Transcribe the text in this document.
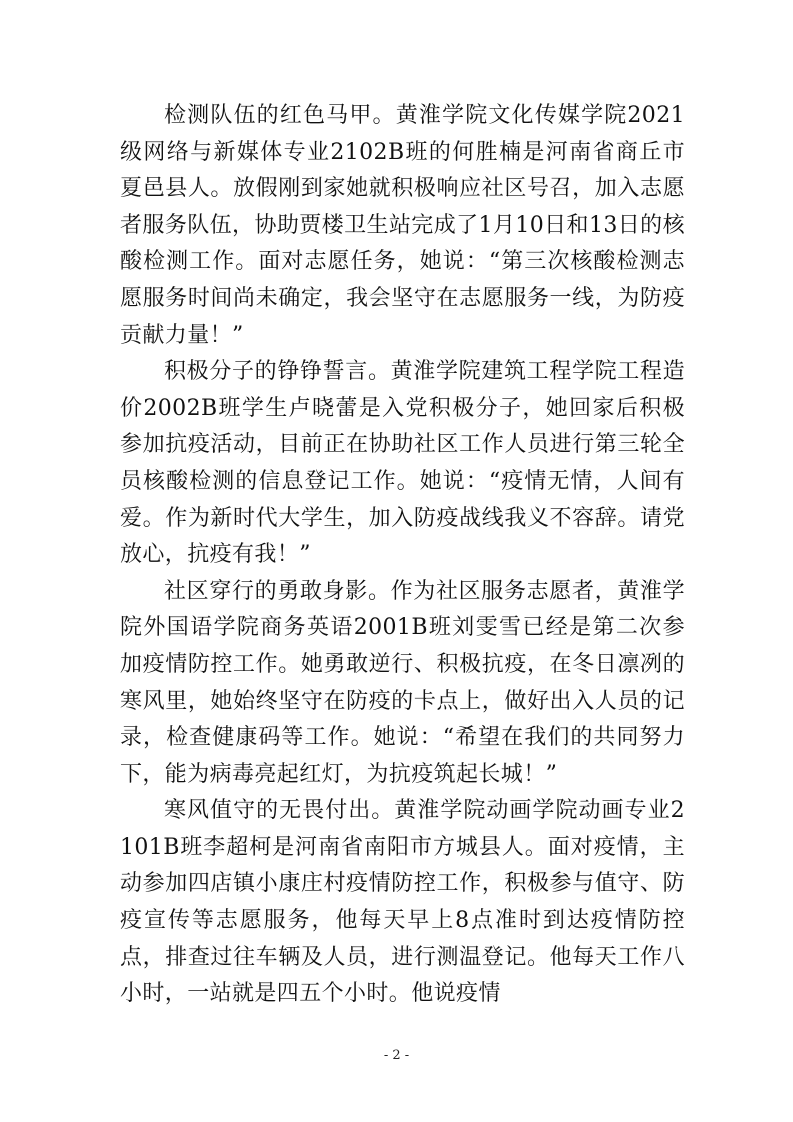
检测队伍的红色马甲。黄淮学院文化传媒学院2021级网络与新媒体专业2102B班的何胜楠是河南省商丘市夏邑县人。放假刚到家她就积极响应社区号召，加入志愿者服务队伍，协助贾楼卫生站完成了1月10日和13日的核酸检测工作。面对志愿任务，她说：“第三次核酸检测志愿服务时间尚未确定，我会坚守在志愿服务一线，为防疫贡献力量！”

积极分子的铮铮誓言。黄淮学院建筑工程学院工程造价2002B班学生卢晓蕾是入党积极分子，她回家后积极参加抗疫活动，目前正在协助社区工作人员进行第三轮全员核酸检测的信息登记工作。她说：“疫情无情，人间有爱。作为新时代大学生，加入防疫战线我义不容辞。请党放心，抗疫有我！”

社区穿行的勇敢身影。作为社区服务志愿者，黄淮学院外国语学院商务英语2001B班刘雯雪已经是第二次参加疫情防控工作。她勇敢逆行、积极抗疫，在冬日凛冽的寒风里，她始终坚守在防疫的卡点上，做好出入人员的记录，检查健康码等工作。她说：“希望在我们的共同努力下，能为病毒亮起红灯，为抗疫筑起长城！”

寒风值守的无畏付出。黄淮学院动画学院动画专业2101B班李超柯是河南省南阳市方城县人。面对疫情，主动参加四店镇小康庄村疫情防控工作，积极参与值守、防疫宣传等志愿服务，他每天早上8点准时到达疫情防控点，排查过往车辆及人员，进行测温登记。他每天工作八小时，一站就是四五个小时。他说疫情

- 2 -
